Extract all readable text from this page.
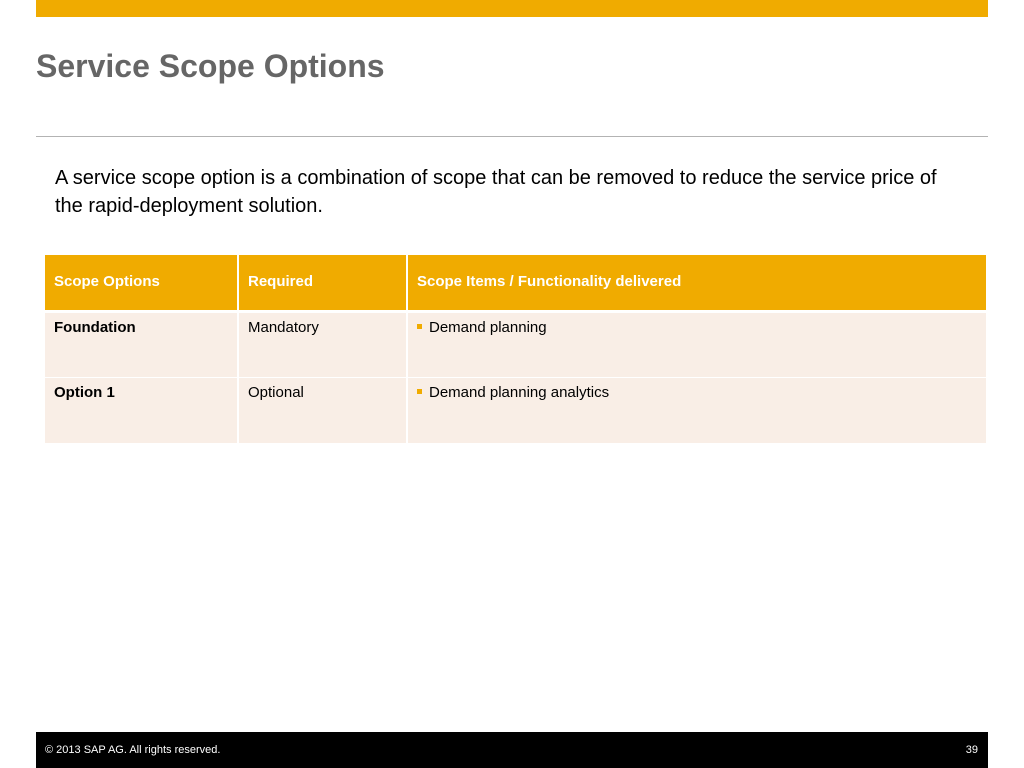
Service Scope Options

A service scope option is a combination of scope that can be removed to reduce the service price of the rapid-deployment solution.

Scope Options	Required	Scope Items / Functionality delivered
Foundation	Mandatory	Demand planning

Option 1	Optional	Demand planning analytics
© 2013 SAP AG. All rights reserved.	39
